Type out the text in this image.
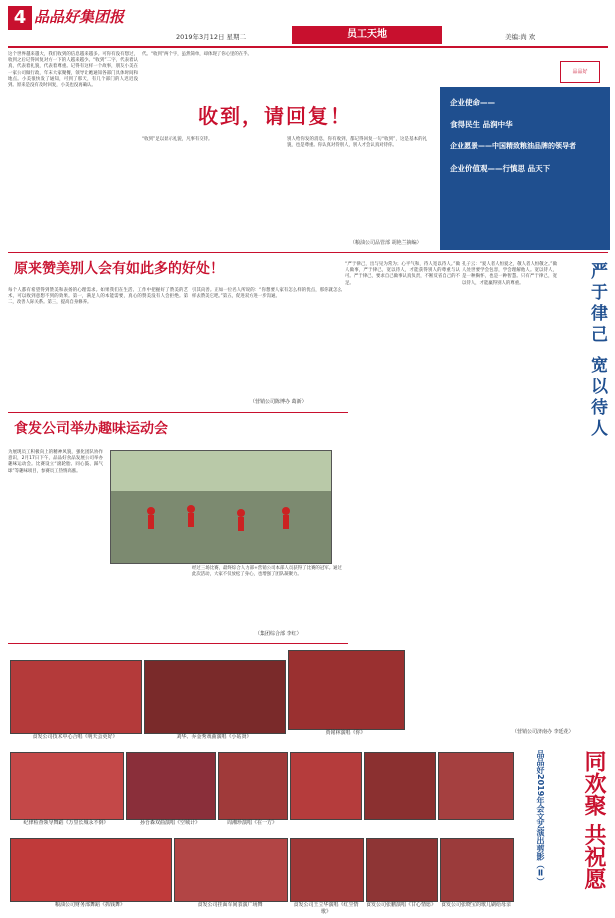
4 品品好集团报
2019年3月12日 星期二	员工天地	美编:尚 欢
这个世界越来越大，我们收到的信息越来越多。可你有没有想过，收到之后记得回复对方一下的人越来越少。“收到”二字，代表着认真，代表着礼貌，代表着尊重。记得有这样一个故事，朋友小美在一家公司做行政，年末大家聚餐，领导让她通知各部门具体时间和地点。小美很快发了通知，可到了那天，有几个部门的人迟迟没到。原来是没有及时回复，小美也没再确认。
代。“收到”两个字，虽然简单，却体现了你心里的在乎。
收到，请回复！
“收到”足以显示礼貌，凡事有交待。	别人给你发的消息，你有收到，都记得回复一句“收到”，这是基本的礼貌，也是尊重。你认真对待别人，别人才会认真对待你。
（粮油公司品管部 胡艳兰摘编）
品品好
企业使命——
食得民生 品润中华
企业愿景——中国精致粮油品牌的领导者
企业价值观——行慎思 品天下
原来赞美别人会有如此多的好处！
每个人都有希望得到赞美和表扬的心理需求。如果我们在生活、工作中把握好了赞美的艺术，可以收到意想不到的效果。第一，满足人的本能需要，真心的赞美没有人会拒绝。第二，改善人际关系。第三，提高自身修养。
引其向善。正如一位名人所说的：“你想要人家有怎么样的优点，那你就怎么样去赞美它吧。”第五，促进双方进一步沟通。
（营销公司陈博办 葛新）
食发公司举办趣味运动会
为展现员工积极向上的精神风貌，强化团队协作意识，2月17日下午，品品好食品发展公司举办趣味运动会。比赛设立“滚轮胎、同心鼓、踩气球”等趣味项目，参赛员工热情高涨。
经过三场比赛，最终综合人力部+营销公司本部人员获得了比赛的冠军。通过此次活动，大家不仅放松了身心，也增强了团队凝聚力。
（集团综合部 李红）
“严于律己，出与见为常为；心平气和，待人宽以待人。”做人做事，严于律己，宽以待人，才能获得别人的尊重与认可。严于律己，要求自己做事认真负责，不断反省自己的不足。
孔子云：“爱人者人恒爱之，敬人者人恒敬之。”做人处世要学会包容，学会理解他人。宽以待人，是一种胸怀，也是一种智慧。只有严于律己，宽以待人，才能赢得别人的尊重。	严于律己 宽以待人
（营销公司济南办 李廷花）
食发公司技术中心合唱《明天会更好》	刘华、乔金秀戏曲演唱《小姑贤》
贾铭林演唱《你》
纪律检查领导舞蹈《万里长城永不倒》	孙吾森双曲演唱《空城计》	周湘珍演唱《在一方》
粮油公司财务部舞蹈《抓钱舞》	食发公司挂面车间表演广场舞	食发公司王立华演唱《红尘情歌》
食发公司张鹏演唱《甘心情愿》 食发公司张晓宝的歌儿刷给母亲
品品好2019年会文艺演出剪影（Ⅱ）	同欢聚 共祝愿
